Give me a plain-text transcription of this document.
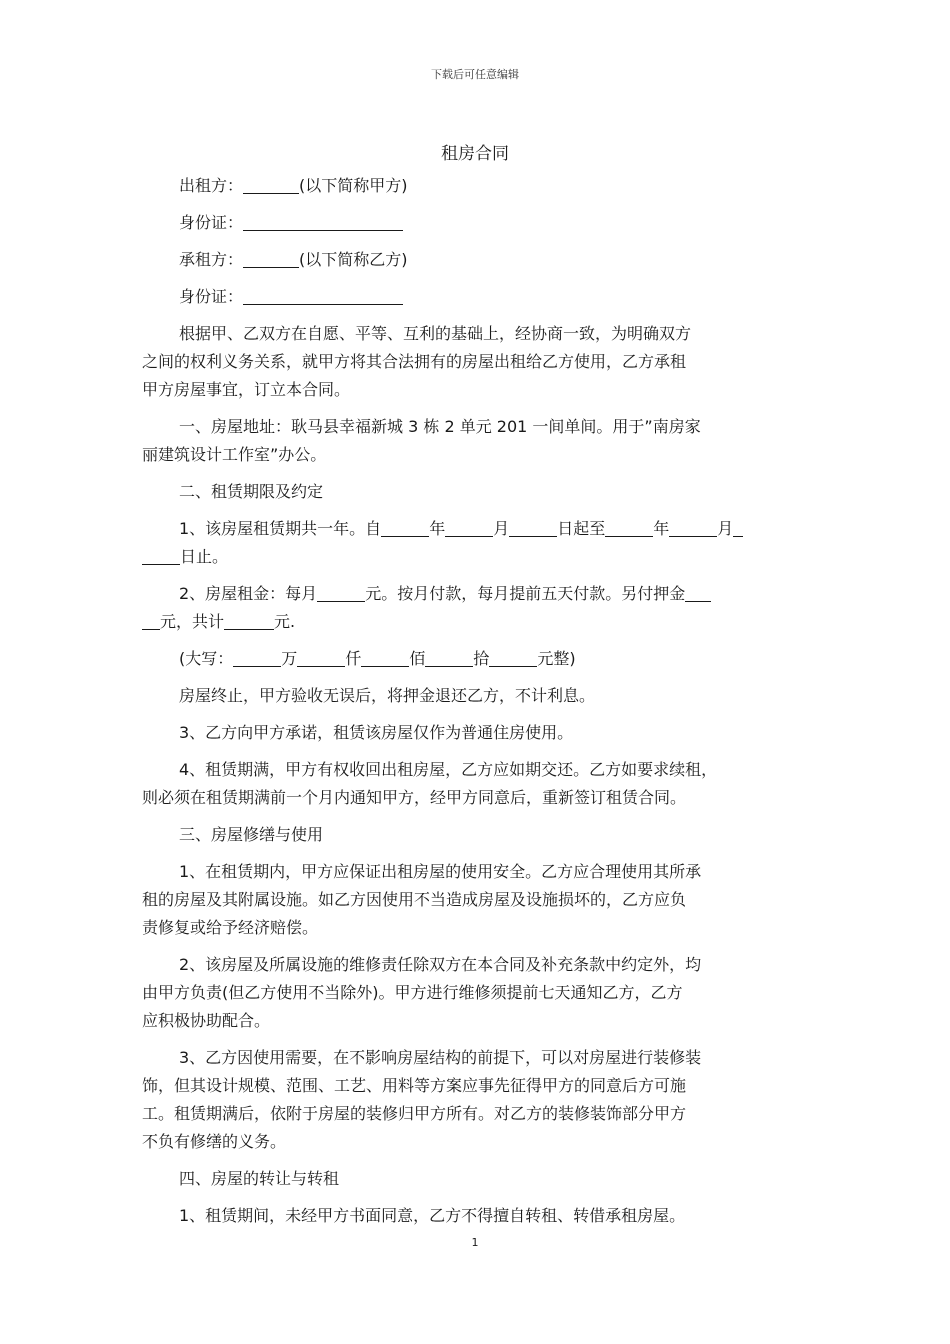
下载后可任意编辑
租房合同
出租方：	(以下简称甲方)
身份证：
承租方：	(以下简称乙方)
身份证：
根据甲、乙双方在自愿、平等、互利的基础上，经协商一致，为明确双方
之间的权利义务关系，就甲方将其合法拥有的房屋出租给乙方使用，乙方承租
甲方房屋事宜，订立本合同。
一、房屋地址：耿马县幸福新城 3 栋 2 单元 201 一间单间。用于”南房家
丽建筑设计工作室”办公。
二、租赁期限及约定
1、该房屋租赁期共一年。自	年	月	日起至	年	月
日止。
2、房屋租金：每月	元。按月付款，每月提前五天付款。另付押金
元，共计	元.
(大写：	万	仟	佰	拾	元整)
房屋终止，甲方验收无误后，将押金退还乙方，不计利息。
3、乙方向甲方承诺，租赁该房屋仅作为普通住房使用。
4、租赁期满，甲方有权收回出租房屋，乙方应如期交还。乙方如要求续租，
则必须在租赁期满前一个月内通知甲方，经甲方同意后，重新签订租赁合同。
三、房屋修缮与使用
1、在租赁期内，甲方应保证出租房屋的使用安全。乙方应合理使用其所承
租的房屋及其附属设施。如乙方因使用不当造成房屋及设施损坏的，乙方应负
责修复或给予经济赔偿。
2、该房屋及所属设施的维修责任除双方在本合同及补充条款中约定外，均
由甲方负责(但乙方使用不当除外)。甲方进行维修须提前七天通知乙方，乙方
应积极协助配合。
3、乙方因使用需要，在不影响房屋结构的前提下，可以对房屋进行装修装
饰，但其设计规模、范围、工艺、用料等方案应事先征得甲方的同意后方可施
工。租赁期满后，依附于房屋的装修归甲方所有。对乙方的装修装饰部分甲方
不负有修缮的义务。
四、房屋的转让与转租
1、租赁期间，未经甲方书面同意，乙方不得擅自转租、转借承租房屋。
1
